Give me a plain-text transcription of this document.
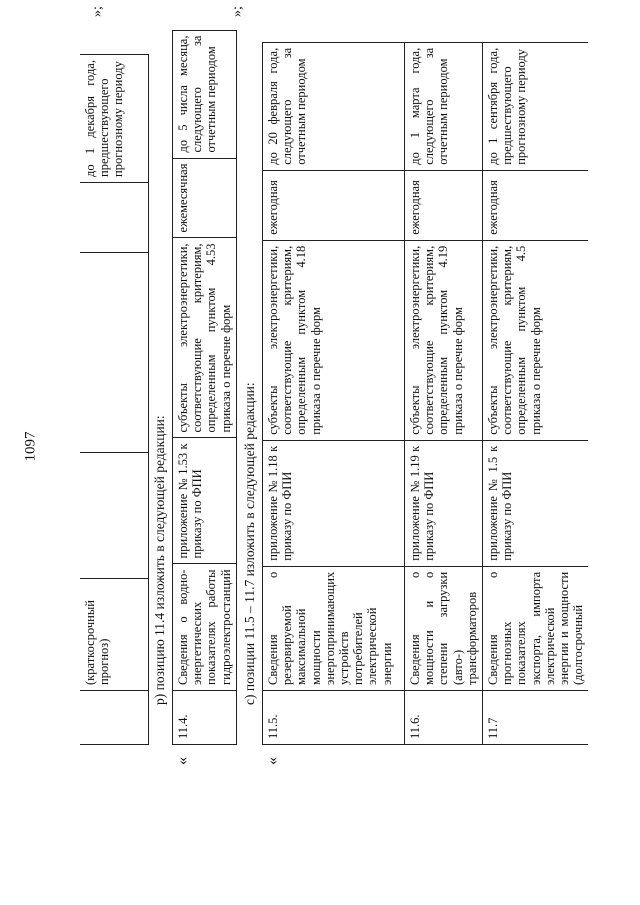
1097
	(краткосрочный прогноз)				до 1 декабря года, предшествующего прогнозному периоду
»;
р) позицию 11.4 изложить в следующей редакции:
«
11.4.	Сведения о водно-энергетических показателях работы гидроэлектростанций	приложение № 1.53 к приказу по ФПИ	субъекты электроэнергетики, соответствующие критериям, определенным пунктом 4.53 приказа о перечне форм	ежемесячная	до 5 числа месяца, следующего за отчетным периодом
»;
с) позиции 11.5 – 11.7 изложить в следующей редакции:
«
11.5.	Сведения о резервируемой максимальной мощности энергопринимающих устройств потребителей электрической энергии	приложение № 1.18 к приказу по ФПИ	субъекты электроэнергетики, соответствующие критериям, определенным пунктом 4.18 приказа о перечне форм	ежегодная	до 20 февраля года, следующего за отчетным периодом
11.6.	Сведения о мощности и о степени загрузки (авто-) трансформаторов	приложение № 1.19 к приказу по ФПИ	субъекты электроэнергетики, соответствующие критериям, определенным пунктом 4.19 приказа о перечне форм	ежегодная	до 1 марта года, следующего за отчетным периодом
11.7	Сведения о прогнозных показателях экспорта, импорта электрической энергии и мощности (долгосрочный	приложение № 1.5 к приказу по ФПИ	субъекты электроэнергетики, соответствующие критериям, определенным пунктом 4.5 приказа о перечне форм	ежегодная	до 1 сентября года, предшествующего прогнозному периоду
